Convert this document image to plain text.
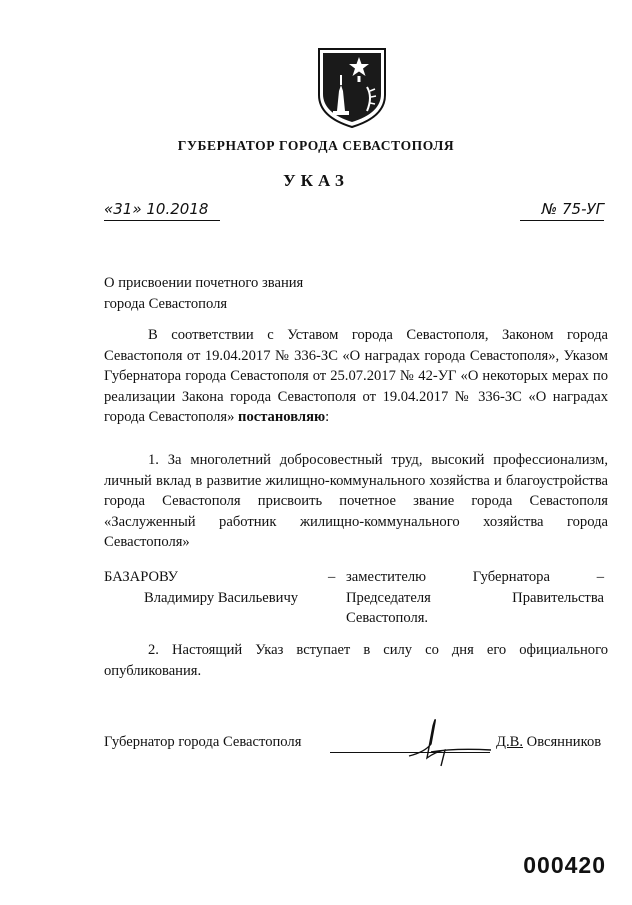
ГУБЕРНАТОР ГОРОДА СЕВАСТОПОЛЯ
УКАЗ
«31» 10.2018	№ 75-УГ
О присвоении почетного звания
города Севастополя
В соответствии с Уставом города Севастополя, Законом города Севастополя от 19.04.2017 № 336-ЗС «О наградах города Севастополя», Указом Губернатора города Севастополя от 25.07.2017 № 42-УГ «О некоторых мерах по реализации Закона города Севастополя от 19.04.2017 № 336-ЗС «О наградах города Севастополя» постановляю:
1. За многолетний добросовестный труд, высокий профессионализм, личный вклад в развитие жилищно-коммунального хозяйства и благоустройства города Севастополя присвоить почетное звание города Севастополя «Заслуженный работник жилищно-коммунального хозяйства города Севастополя»
БАЗАРОВУ
Владимиру Васильевичу
– заместителю Губернатора –
Председателя Правительства
Севастополя.
2. Настоящий Указ вступает в силу со дня его официального опубликования.
Губернатор города Севастополя	Д.В. Овсянников
000420
